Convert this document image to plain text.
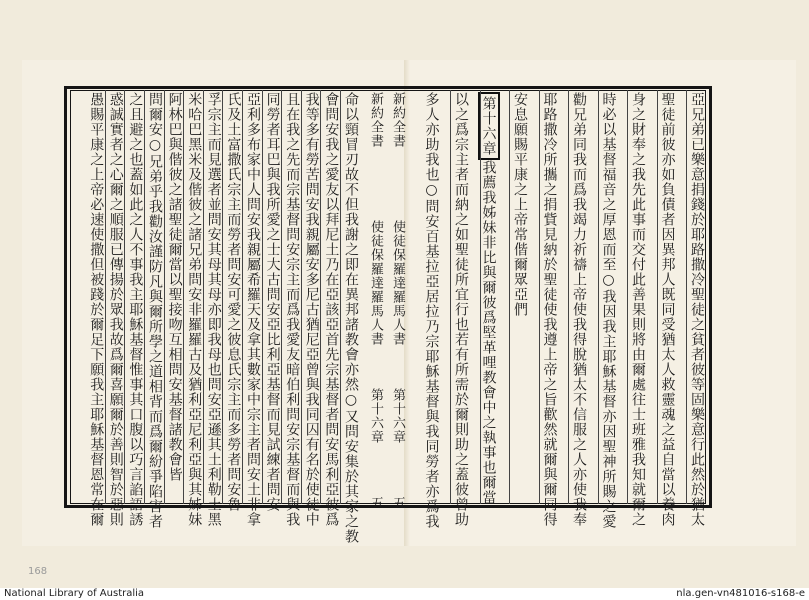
亞兄弟已樂意捐錢於耶路撒冷聖徒之貧者彼等固樂意行此然於猶太
聖徒前彼亦如負債者因異邦人既同受猶太人救靈魂之益自當以養肉
身之財奉之我先此事而交付此善果則將由爾處往士班雅我知就爾之
時必以基督福音之厚恩而至○我因我主耶穌基督亦因聖神所賜之愛
勸兄弟同我而爲我竭力祈禱上帝使我得脫猶太不信服之人亦使我奉
耶路撒冷所攜之捐貲見納於聖徒使我遵上帝之旨歡然就爾與爾同得
安息願賜平康之上帝常偕爾眾亞們
第十六章我薦我姊妹非比與爾彼爲堅革哩教會中之執事也爾當
以之爲宗主者而納之如聖徒所宜行也若有所需於爾則助之蓋彼曾助
多人亦助我也○問安百基拉亞居拉乃宗耶穌基督與我同勞者亦爲我
新約全書  使徒保羅達羅馬人書  第十六章  五
新約全書  使徒保羅達羅馬人書  第十六章  五
命以頸冒刃故不但我謝之即在異邦諸教會亦然○又問安集於其家之教
會問安我之愛友以拜尼土乃在亞該亞首先宗基督者問安馬利亞彼爲
我等多有勞苦問安我親屬安多尼古猶尼亞曾與我同囚有名於使徒中
且在我之先而宗基督問安宗主而爲我愛友暗伯利問安宗基督而與我
同勞者耳巴與我所愛之士大古問安亞比利亞基督而見試練者問安
亞利多布家中人問安我親屬希羅天及拿其數家中宗主者問安土非拿
氏及土富撒氏宗主而勞者問安可愛之彼息氏宗主而多勞者問安魯
孚宗主而見選者並問安其母其母亦即我母也問安亞遜其土利勒土黑
米哈巴黑米及偕彼之諸兄弟問安非羅羅古及猶利亞尼利亞與其姊妹
阿林巴與偕彼之諸聖徒爾當以聖接吻互相問安基督諸教會皆
問爾安○兄弟乎我勸汝謹防凡與爾所學之道相背而爲爾紛爭陷害者
之且避之也蓋如此之人不事我主耶穌基督惟事其口腹以巧言諂語誘
惑誠實者之心爾之順服已傳揚於眾我故爲爾喜願爾於善則智於惡則
愚賜平康之上帝必速使撒但被踐於爾足下願我主耶穌基督恩常在爾
168
National Library of Australia	nla.gen-vn481016-s168-e
